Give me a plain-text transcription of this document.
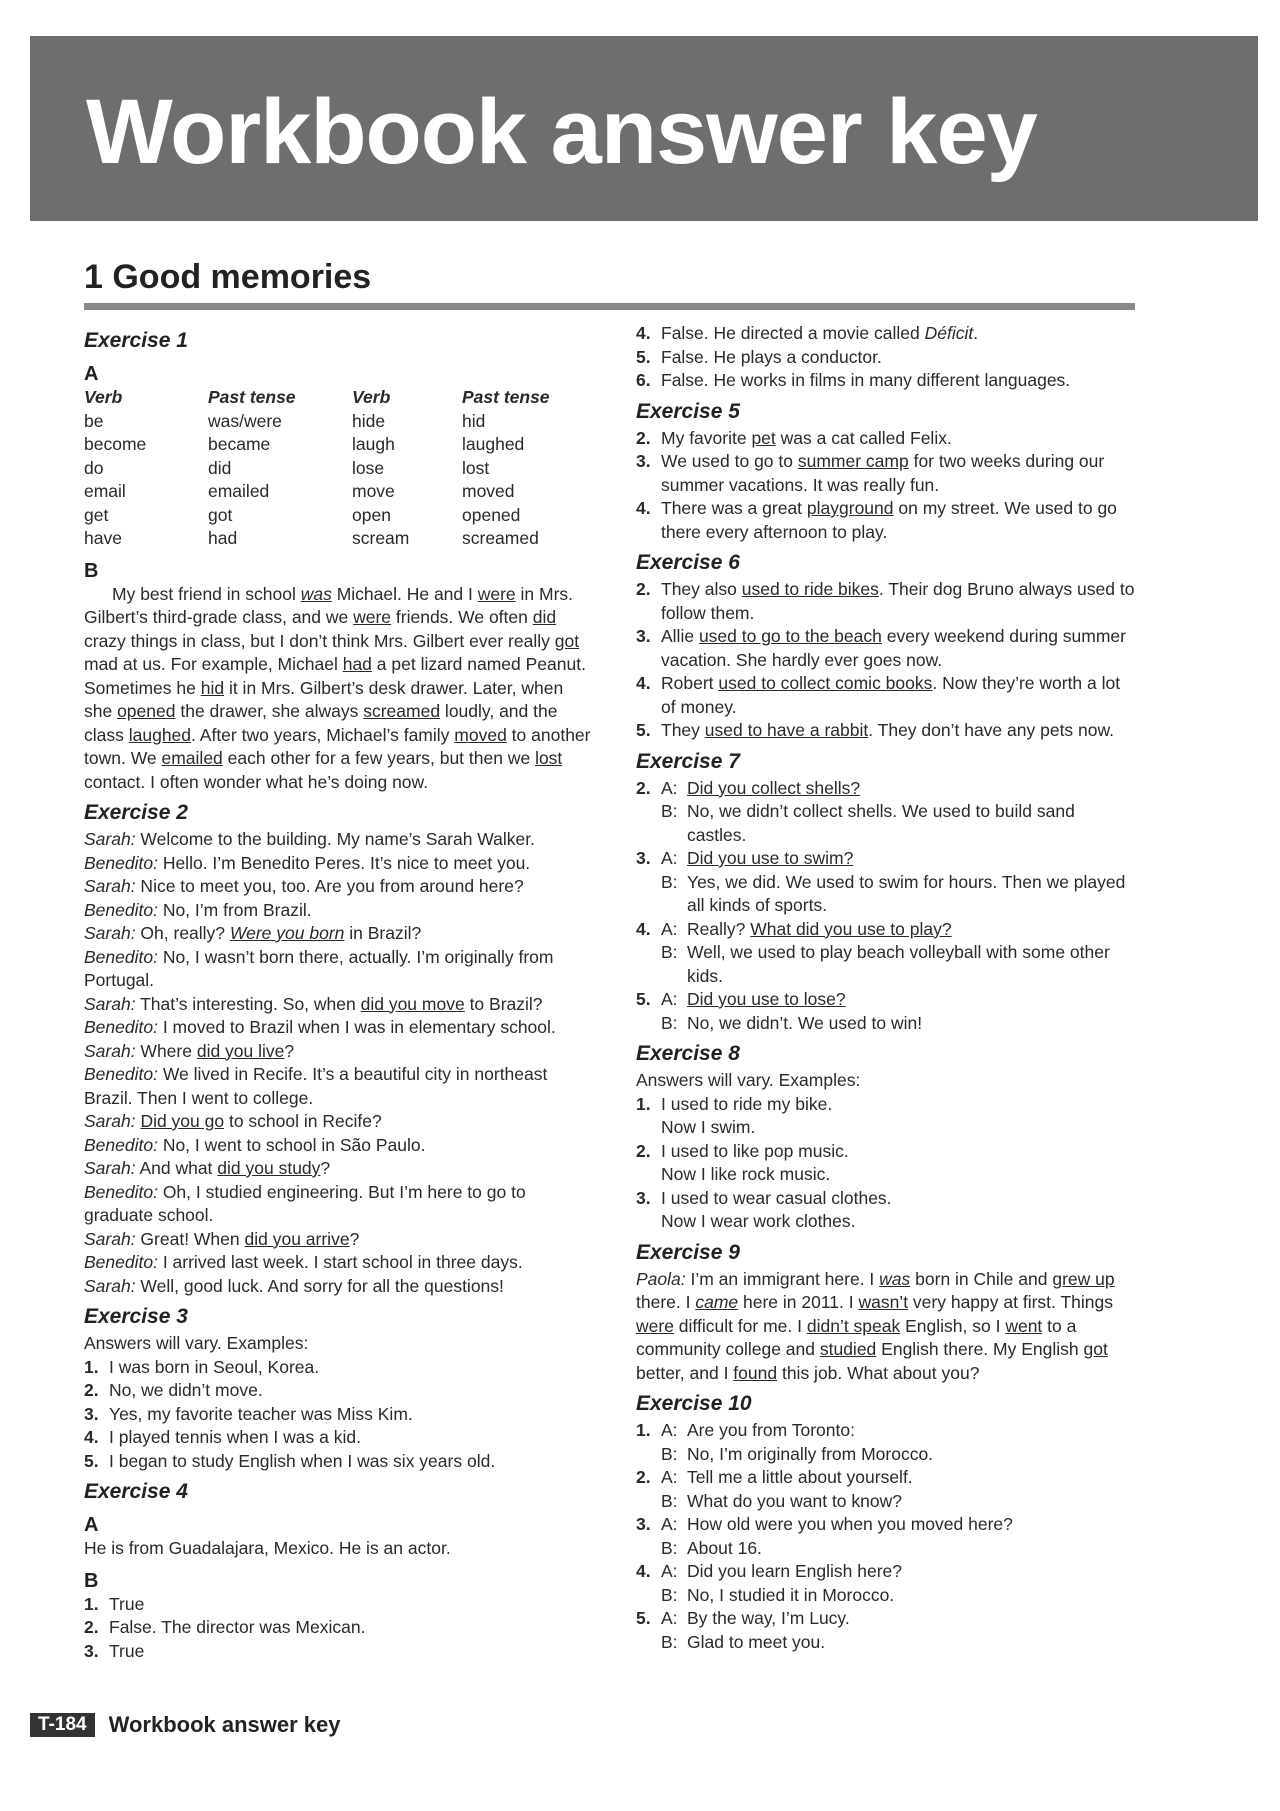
Workbook answer key
1 Good memories
Exercise 1
A
Verb	Past tense	Verb	Past tense
be	was/were	hide	hid
become	became	laugh	laughed
do	did	lose	lost
email	emailed	move	moved
get	got	open	opened
have	had	scream	screamed
B

My best friend in school was Michael. He and I were in Mrs. Gilbert’s third-grade class, and we were friends. We often did crazy things in class, but I don’t think Mrs. Gilbert ever really got mad at us. For example, Michael had a pet lizard named Peanut. Sometimes he hid it in Mrs. Gilbert’s desk drawer. Later, when she opened the drawer, she always screamed loudly, and the class laughed. After two years, Michael’s family moved to another town. We emailed each other for a few years, but then we lost contact. I often wonder what he’s doing now.

Exercise 2

Sarah: Welcome to the building. My name’s Sarah Walker.

Benedito: Hello. I’m Benedito Peres. It’s nice to meet you.

Sarah: Nice to meet you, too. Are you from around here?

Benedito: No, I’m from Brazil.

Sarah: Oh, really? Were you born in Brazil?

Benedito: No, I wasn’t born there, actually. I’m originally from Portugal.

Sarah: That’s interesting. So, when did you move to Brazil?

Benedito: I moved to Brazil when I was in elementary school.

Sarah: Where did you live?

Benedito: We lived in Recife. It’s a beautiful city in northeast Brazil. Then I went to college.

Sarah: Did you go to school in Recife?

Benedito: No, I went to school in São Paulo.

Sarah: And what did you study?

Benedito: Oh, I studied engineering. But I’m here to go to graduate school.

Sarah: Great! When did you arrive?

Benedito: I arrived last week. I start school in three days.

Sarah: Well, good luck. And sorry for all the questions!

Exercise 3

Answers will vary. Examples:

1. I was born in Seoul, Korea.

2. No, we didn’t move.

3. Yes, my favorite teacher was Miss Kim.

4. I played tennis when I was a kid.

5. I began to study English when I was six years old.

Exercise 4
A

He is from Guadalajara, Mexico. He is an actor.

B

1. True

2. False. The director was Mexican.

3. True

4. False. He directed a movie called Déficit.

5. False. He plays a conductor.

6. False. He works in films in many different languages.

Exercise 5

2. My favorite pet was a cat called Felix.

3. We used to go to summer camp for two weeks during our summer vacations. It was really fun.

4. There was a great playground on my street. We used to go there every afternoon to play.

Exercise 6

2. They also used to ride bikes. Their dog Bruno always used to follow them.

3. Allie used to go to the beach every weekend during summer vacation. She hardly ever goes now.

4. Robert used to collect comic books. Now they’re worth a lot of money.

5. They used to have a rabbit. They don’t have any pets now.

Exercise 7
2. A: Did you collect shells?
B: No, we didn’t collect shells. We used to build sand castles.
3. A: Did you use to swim?
B: Yes, we did. We used to swim for hours. Then we played all kinds of sports.
4. A: Really? What did you use to play?
B: Well, we used to play beach volleyball with some other kids.
5. A: Did you use to lose?
B: No, we didn’t. We used to win!
Exercise 8

Answers will vary. Examples:

1. I used to ride my bike.
Now I swim.
2. I used to like pop music.
Now I like rock music.
3. I used to wear casual clothes.
Now I wear work clothes.
Exercise 9

Paola: I’m an immigrant here. I was born in Chile and grew up there. I came here in 2011. I wasn’t very happy at first. Things were difficult for me. I didn’t speak English, so I went to a community college and studied English there. My English got better, and I found this job. What about you?

Exercise 10
1. A: Are you from Toronto:
B: No, I’m originally from Morocco.
2. A: Tell me a little about yourself.
B: What do you want to know?
3. A: How old were you when you moved here?
B: About 16.
4. A: Did you learn English here?
B: No, I studied it in Morocco.
5. A: By the way, I’m Lucy.
B: Glad to meet you.
T-184	Workbook answer key
